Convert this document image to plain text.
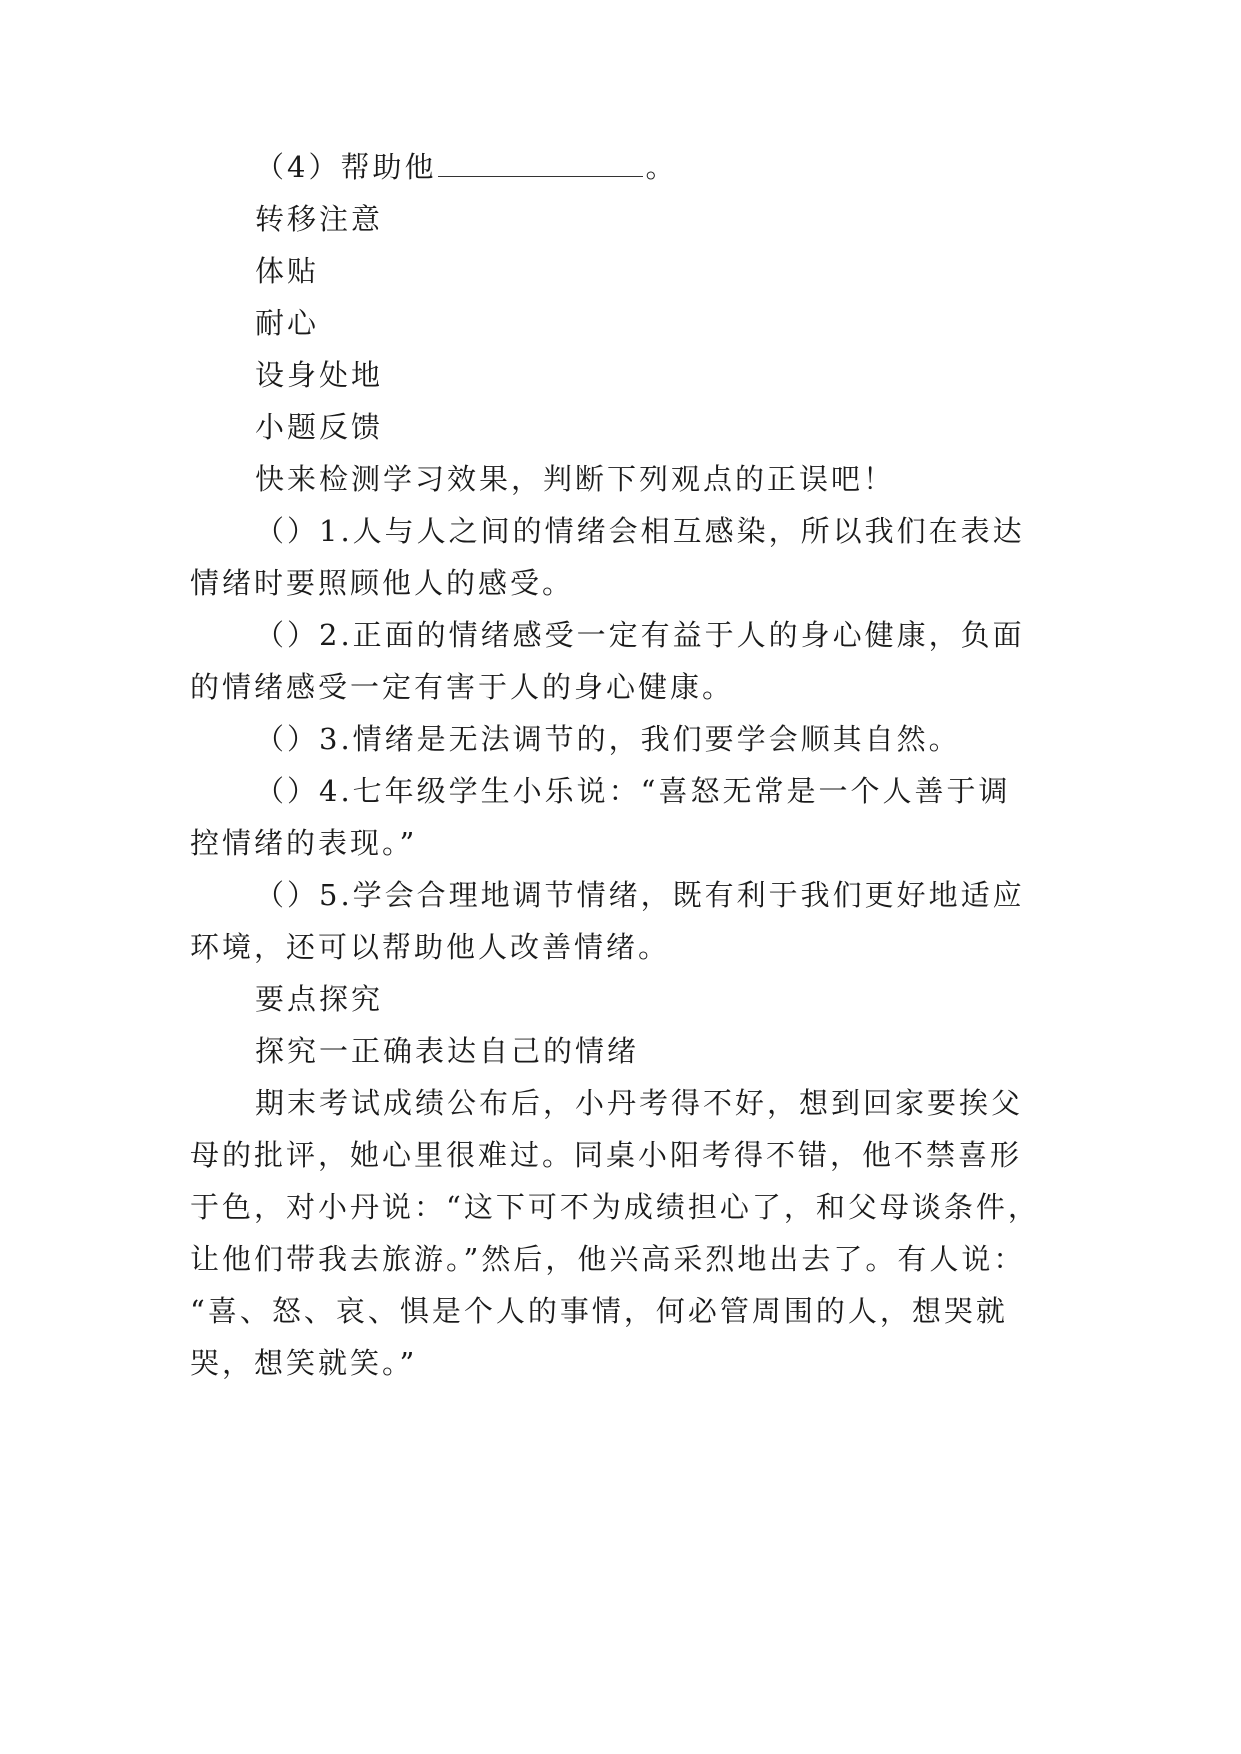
（4）帮助他	。
转移注意
体贴
耐心
设身处地
小题反馈
快来检测学习效果，判断下列观点的正误吧！
（）1.人与人之间的情绪会相互感染，所以我们在表达
情绪时要照顾他人的感受。
（）2.正面的情绪感受一定有益于人的身心健康，负面
的情绪感受一定有害于人的身心健康。
（）3.情绪是无法调节的，我们要学会顺其自然。
（）4.七年级学生小乐说：“喜怒无常是一个人善于调
控情绪的表现。”
（）5.学会合理地调节情绪，既有利于我们更好地适应
环境，还可以帮助他人改善情绪。
要点探究
探究一正确表达自己的情绪
期末考试成绩公布后，小丹考得不好，想到回家要挨父
母的批评，她心里很难过。同桌小阳考得不错，他不禁喜形
于色，对小丹说：“这下可不为成绩担心了，和父母谈条件，
让他们带我去旅游。”然后，他兴高采烈地出去了。有人说：
“喜、怒、哀、惧是个人的事情，何必管周围的人，想哭就
哭，想笑就笑。”
